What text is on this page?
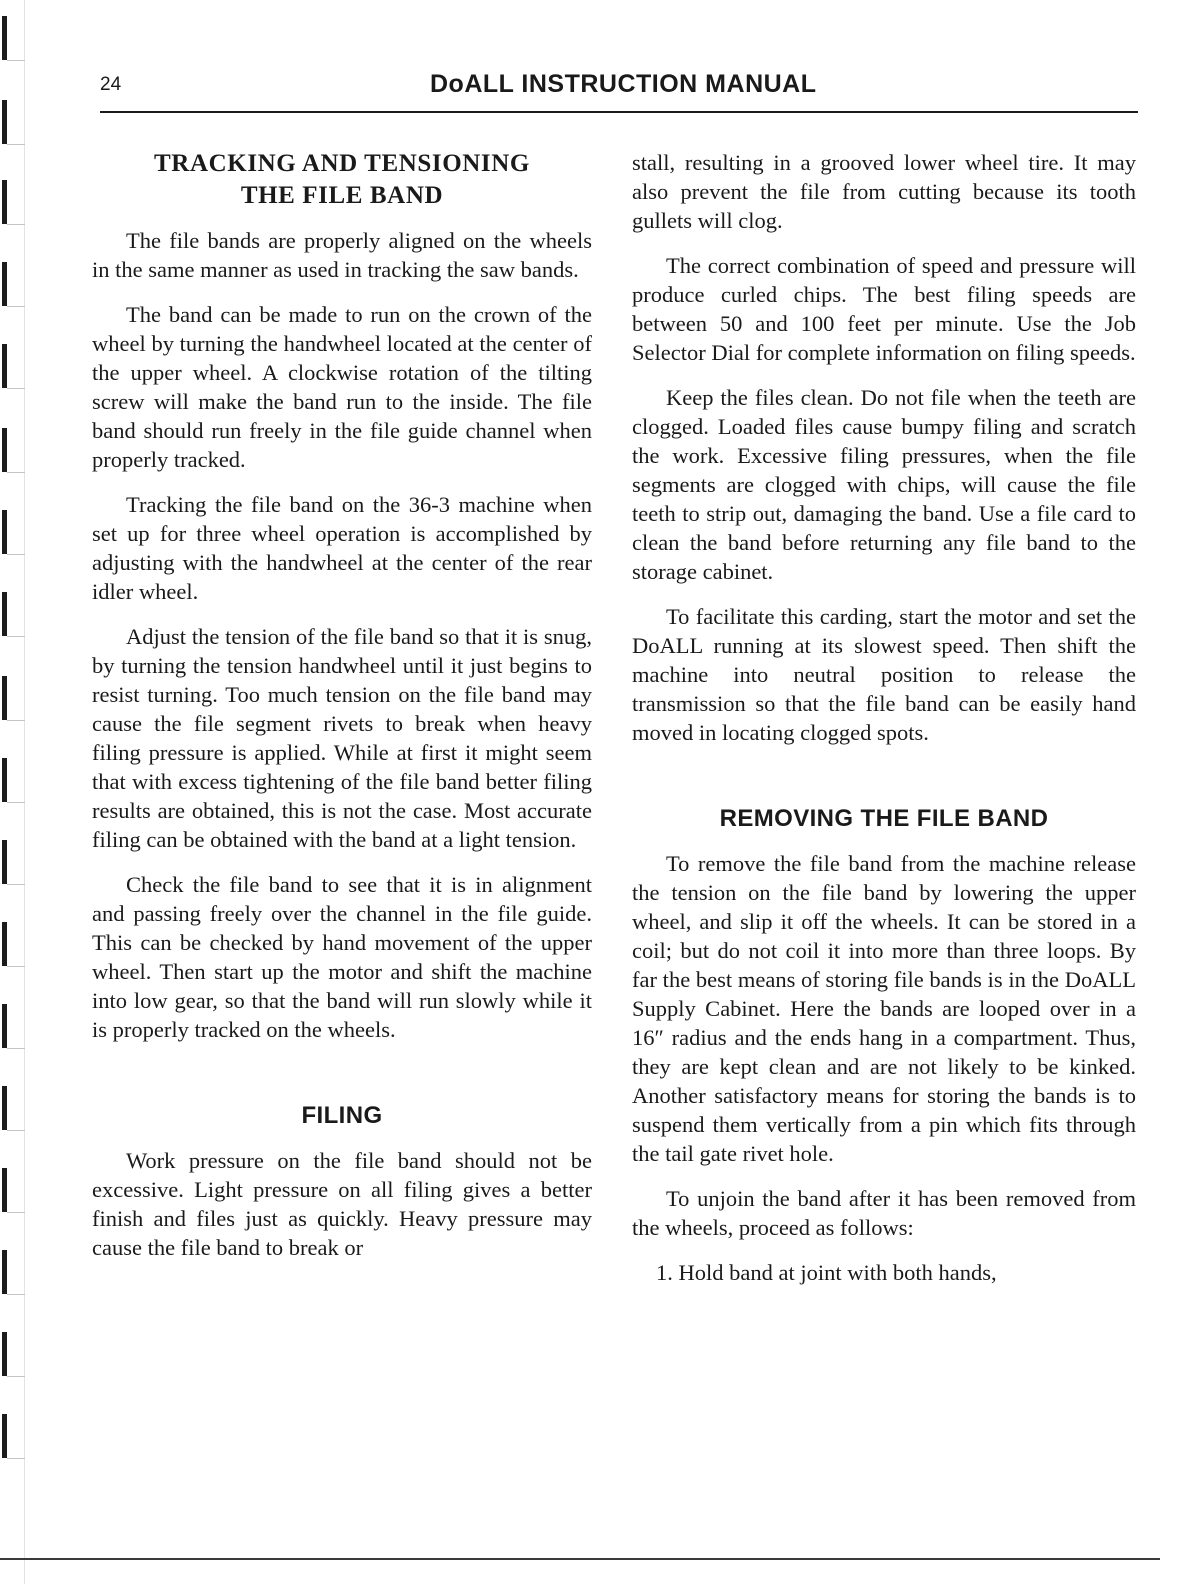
24	DoALL INSTRUCTION MANUAL
TRACKING AND TENSIONING
THE FILE BAND

The file bands are properly aligned on the wheels in the same manner as used in tracking the saw bands.

The band can be made to run on the crown of the wheel by turning the handwheel located at the center of the upper wheel. A clockwise rotation of the tilting screw will make the band run to the inside. The file band should run freely in the file guide channel when properly tracked.

Tracking the file band on the 36-3 machine when set up for three wheel operation is accomplished by adjusting with the handwheel at the center of the rear idler wheel.

Adjust the tension of the file band so that it is snug, by turning the tension handwheel until it just begins to resist turning. Too much tension on the file band may cause the file segment rivets to break when heavy filing pressure is applied. While at first it might seem that with excess tightening of the file band better filing results are obtained, this is not the case. Most accurate filing can be obtained with the band at a light tension.

Check the file band to see that it is in alignment and passing freely over the channel in the file guide. This can be checked by hand movement of the upper wheel. Then start up the motor and shift the machine into low gear, so that the band will run slowly while it is properly tracked on the wheels.

FILING

Work pressure on the file band should not be excessive. Light pressure on all filing gives a better finish and files just as quickly. Heavy pressure may cause the file band to break or

stall, resulting in a grooved lower wheel tire. It may also prevent the file from cutting because its tooth gullets will clog.

The correct combination of speed and pressure will produce curled chips. The best filing speeds are between 50 and 100 feet per minute. Use the Job Selector Dial for complete information on filing speeds.

Keep the files clean. Do not file when the teeth are clogged. Loaded files cause bumpy filing and scratch the work. Excessive filing pressures, when the file segments are clogged with chips, will cause the file teeth to strip out, damaging the band. Use a file card to clean the band before returning any file band to the storage cabinet.

To facilitate this carding, start the motor and set the DoALL running at its slowest speed. Then shift the machine into neutral position to release the transmission so that the file band can be easily hand moved in locating clogged spots.

REMOVING THE FILE BAND

To remove the file band from the machine release the tension on the file band by lowering the upper wheel, and slip it off the wheels. It can be stored in a coil; but do not coil it into more than three loops. By far the best means of storing file bands is in the DoALL Supply Cabinet. Here the bands are looped over in a 16″ radius and the ends hang in a compartment. Thus, they are kept clean and are not likely to be kinked. Another satisfactory means for storing the bands is to suspend them vertically from a pin which fits through the tail gate rivet hole.

To unjoin the band after it has been removed from the wheels, proceed as follows:

1. Hold band at joint with both hands,
